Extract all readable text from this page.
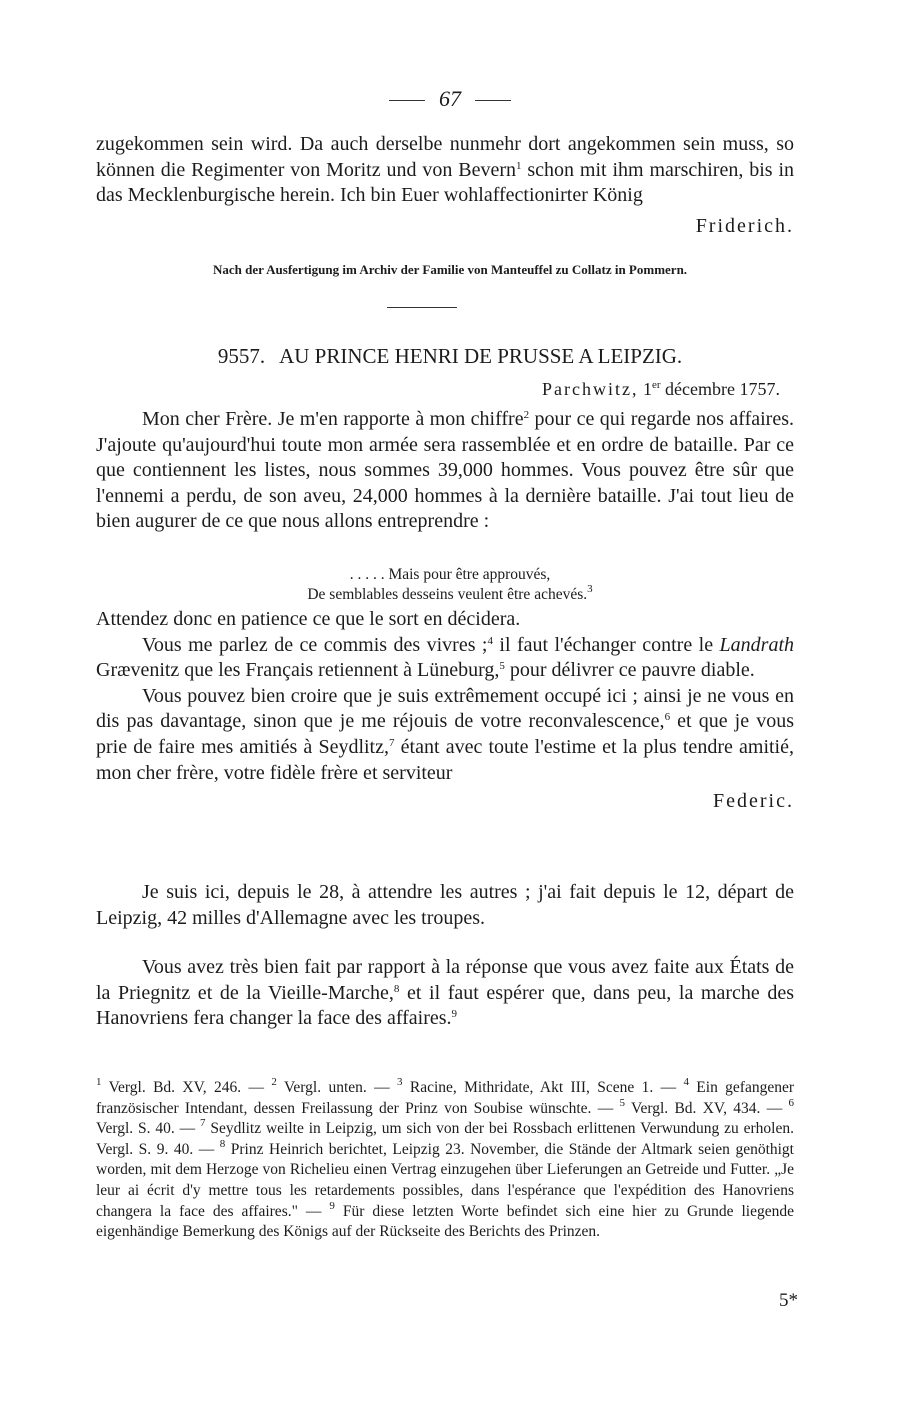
67

zugekommen sein wird. Da auch derselbe nunmehr dort angekommen sein muss, so können die Regimenter von Moritz und von Bevern$^1$ schon mit ihm marschiren, bis in das Mecklenburgische herein. Ich bin Euer wohlaffectionirter König

Friderich.
Nach der Ausfertigung im Archiv der Familie von Manteuffel zu Collatz in Pommern.
9557. AU PRINCE HENRI DE PRUSSE A LEIPZIG.
Parchwitz, 1er décembre 1757.

Mon cher Frère. Je m'en rapporte à mon chiffre$^2$ pour ce qui regarde nos affaires. J'ajoute qu'aujourd'hui toute mon armée sera rassemblée et en ordre de bataille. Par ce que contiennent les listes, nous sommes 39,000 hommes. Vous pouvez être sûr que l'ennemi a perdu, de son aveu, 24,000 hommes à la dernière bataille. J'ai tout lieu de bien augurer de ce que nous allons entreprendre :

. . . . . Mais pour être approuvés,
De semblables desseins veulent être achevés.$^3$

Attendez donc en patience ce que le sort en décidera.

Vous me parlez de ce commis des vivres ;$^4$ il faut l'échanger contre le Landrath Grævenitz que les Français retiennent à Lüneburg,$^5$ pour délivrer ce pauvre diable.

Vous pouvez bien croire que je suis extrêmement occupé ici ; ainsi je ne vous en dis pas davantage, sinon que je me réjouis de votre reconvalescence,$^6$ et que je vous prie de faire mes amitiés à Seydlitz,$^7$ étant avec toute l'estime et la plus tendre amitié, mon cher frère, votre fidèle frère et serviteur

Federic.

Je suis ici, depuis le 28, à attendre les autres ; j'ai fait depuis le 12, départ de Leipzig, 42 milles d'Allemagne avec les troupes.

Vous avez très bien fait par rapport à la réponse que vous avez faite aux États de la Priegnitz et de la Vieille-Marche,$^8$ et il faut espérer que, dans peu, la marche des Hanovriens fera changer la face des affaires.$^9$

$^1$ Vergl. Bd. XV, 246. — $^2$ Vergl. unten. — $^3$ Racine, Mithridate, Akt III, Scene 1. — $^4$ Ein gefangener französischer Intendant, dessen Freilassung der Prinz von Soubise wünschte. — $^5$ Vergl. Bd. XV, 434. — $^6$ Vergl. S. 40. — $^7$ Seydlitz weilte in Leipzig, um sich von der bei Rossbach erlittenen Verwundung zu erholen. Vergl. S. 9. 40. — $^8$ Prinz Heinrich berichtet, Leipzig 23. November, die Stände der Altmark seien genöthigt worden, mit dem Herzoge von Richelieu einen Vertrag einzugehen über Lieferungen an Getreide und Futter. „Je leur ai écrit d'y mettre tous les retardements possibles, dans l'espérance que l'expédition des Hanovriens changera la face des affaires." — $^9$ Für diese letzten Worte befindet sich eine hier zu Grunde liegende eigenhändige Bemerkung des Königs auf der Rückseite des Berichts des Prinzen.
5*
